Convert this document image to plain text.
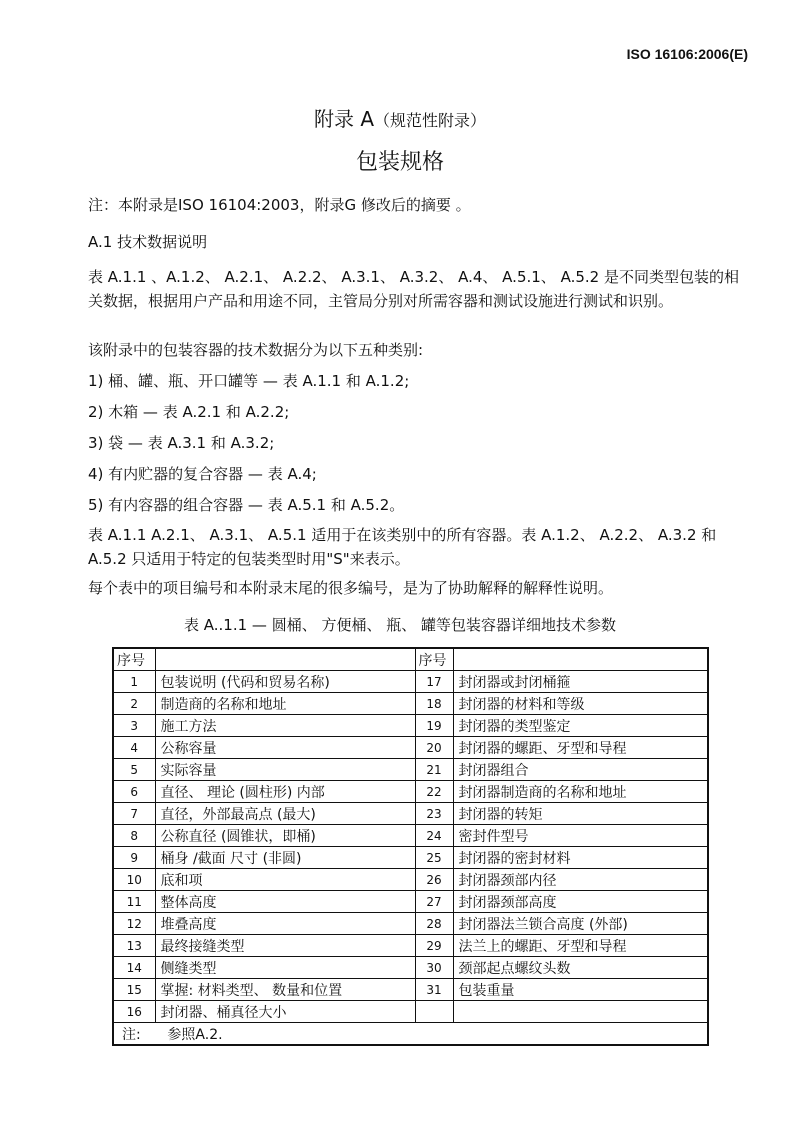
ISO 16106:2006(E)
附录 A（规范性附录）
包装规格
注：本附录是ISO 16104:2003，附录G 修改后的摘要 。
A.1 技术数据说明
表 A.1.1 、A.1.2、 A.2.1、 A.2.2、 A.3.1、 A.3.2、 A.4、 A.5.1、 A.5.2 是不同类型包装的相关数据，根据用户产品和用途不同，主管局分别对所需容器和测试设施进行测试和识别。
该附录中的包装容器的技术数据分为以下五种类别:
1) 桶、罐、瓶、开口罐等 — 表 A.1.1 和 A.1.2;
2) 木箱 — 表 A.2.1 和 A.2.2;
3) 袋 — 表 A.3.1 和 A.3.2;
4) 有内贮器的复合容器 — 表 A.4;
5) 有内容器的组合容器 — 表 A.5.1 和 A.5.2。
表 A.1.1 A.2.1、 A.3.1、 A.5.1 适用于在该类别中的所有容器。表 A.1.2、 A.2.2、 A.3.2 和 A.5.2 只适用于特定的包装类型时用"S"来表示。
每个表中的项目编号和本附录末尾的很多编号，是为了协助解释的解释性说明。
表 A..1.1 — 圆桶、 方便桶、 瓶、 罐等包装容器详细地技术参数
序号		序号	
1	包装说明 (代码和贸易名称)	17	封闭器或封闭桶箍
2	制造商的名称和地址	18	封闭器的材料和等级
3	施工方法	19	封闭器的类型鉴定
4	公称容量	20	封闭器的螺距、牙型和导程
5	实际容量	21	封闭器组合
6	直径、 理论 (圆柱形) 内部	22	封闭器制造商的名称和地址
7	直径，外部最高点 (最大)	23	封闭器的转矩
8	公称直径 (圆锥状，即桶)	24	密封件型号
9	桶身 /截面 尺寸 (非圆)	25	封闭器的密封材料
10	底和项	26	封闭器颈部内径
11	整体高度	27	封闭器颈部高度
12	堆叠高度	28	封闭器法兰锁合高度 (外部)
13	最终接缝类型	29	法兰上的螺距、牙型和导程
14	侧缝类型	30	颈部起点螺纹头数
15	掌握: 材料类型、 数量和位置	31	包装重量
16	封闭器、桶真径大小		
注:      参照A.2.			
